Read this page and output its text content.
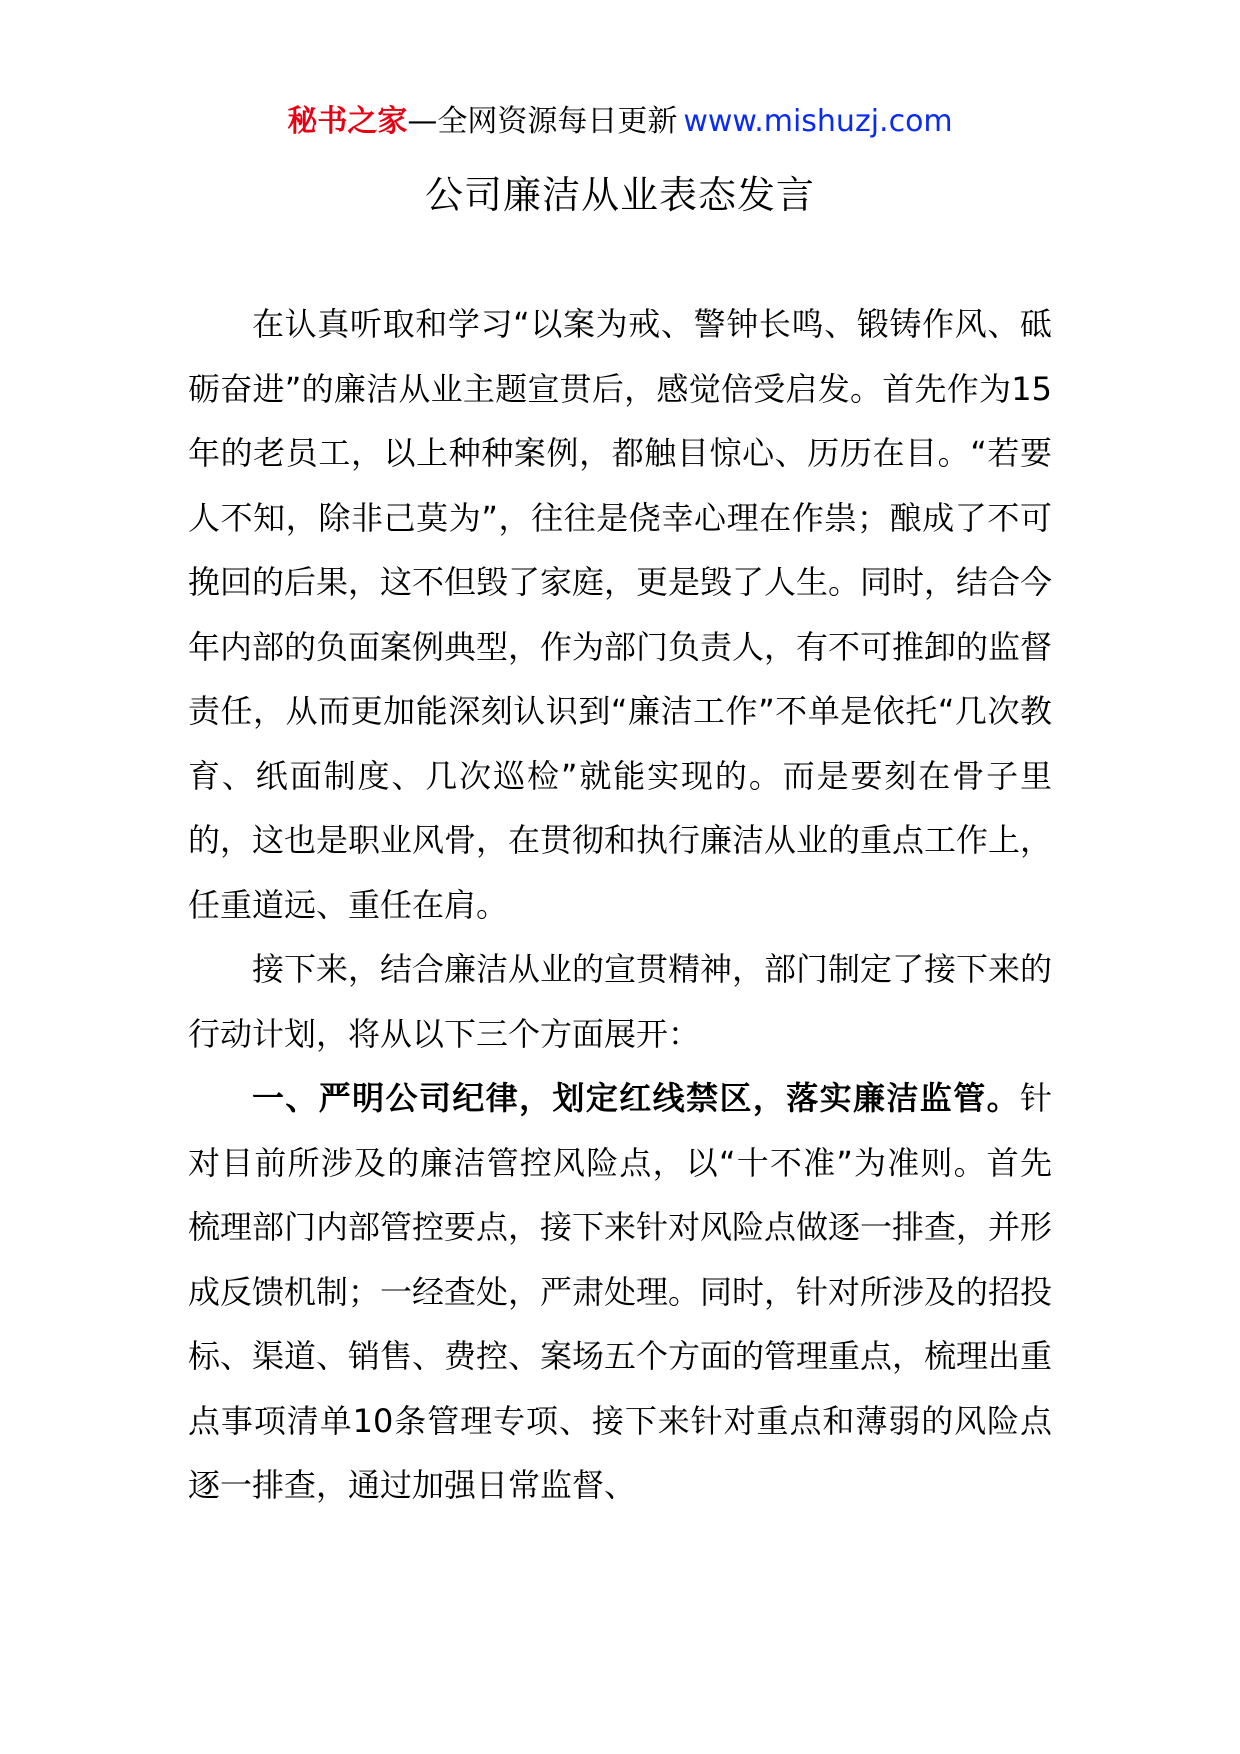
秘书之家—全网资源每日更新 www.mishuzj.com
公司廉洁从业表态发言

在认真听取和学习“以案为戒、警钟长鸣、锻铸作风、砥砺奋进”的廉洁从业主题宣贯后，感觉倍受启发。首先作为15年的老员工，以上种种案例，都触目惊心、历历在目。“若要人不知，除非己莫为”，往往是侥幸心理在作祟；酿成了不可挽回的后果，这不但毁了家庭，更是毁了人生。同时，结合今年内部的负面案例典型，作为部门负责人，有不可推卸的监督责任，从而更加能深刻认识到“廉洁工作”不单是依托“几次教育、纸面制度、几次巡检”就能实现的。而是要刻在骨子里的，这也是职业风骨，在贯彻和执行廉洁从业的重点工作上，任重道远、重任在肩。

接下来，结合廉洁从业的宣贯精神，部门制定了接下来的行动计划，将从以下三个方面展开：

一、严明公司纪律，划定红线禁区，落实廉洁监管。针对目前所涉及的廉洁管控风险点，以“十不准”为准则。首先梳理部门内部管控要点，接下来针对风险点做逐一排查，并形成反馈机制；一经查处，严肃处理。同时，针对所涉及的招投标、渠道、销售、费控、案场五个方面的管理重点，梳理出重点事项清单10条管理专项、接下来针对重点和薄弱的风险点逐一排查，通过加强日常监督、
